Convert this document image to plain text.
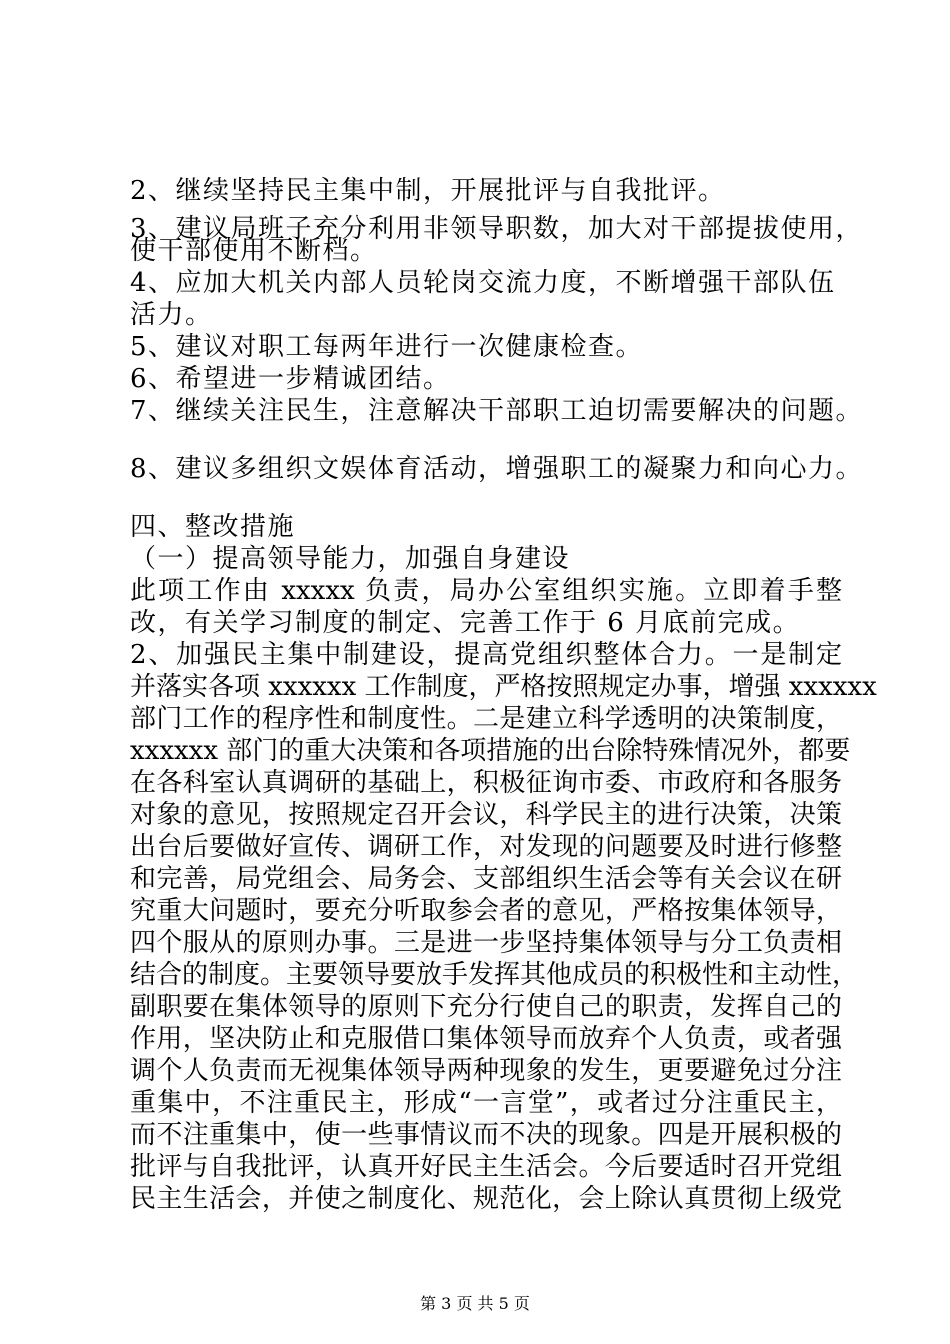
2、继续坚持民主集中制，开展批评与自我批评。
3、建议局班子充分利用非领导职数，加大对干部提拔使用，
使干部使用不断档。
4、应加大机关内部人员轮岗交流力度，不断增强干部队伍
活力。
5、建议对职工每两年进行一次健康检查。
6、希望进一步精诚团结。
7、继续关注民生，注意解决干部职工迫切需要解决的问题。
8、建议多组织文娱体育活动，增强职工的凝聚力和向心力。
四、整改措施
（一）提高领导能力，加强自身建设
此项工作由 xxxxx 负责，局办公室组织实施。立即着手整
改，有关学习制度的制定、完善工作于 6 月底前完成。
2、加强民主集中制建设，提高党组织整体合力。一是制定
并落实各项 xxxxxx 工作制度，严格按照规定办事，增强 xxxxxx
部门工作的程序性和制度性。二是建立科学透明的决策制度，
xxxxxx 部门的重大决策和各项措施的出台除特殊情况外，都要
在各科室认真调研的基础上，积极征询市委、市政府和各服务
对象的意见，按照规定召开会议，科学民主的进行决策，决策
出台后要做好宣传、调研工作，对发现的问题要及时进行修整
和完善，局党组会、局务会、支部组织生活会等有关会议在研
究重大问题时，要充分听取参会者的意见，严格按集体领导，
四个服从的原则办事。三是进一步坚持集体领导与分工负责相
结合的制度。主要领导要放手发挥其他成员的积极性和主动性，
副职要在集体领导的原则下充分行使自己的职责，发挥自己的
作用，坚决防止和克服借口集体领导而放弃个人负责，或者强
调个人负责而无视集体领导两种现象的发生，更要避免过分注
重集中，不注重民主，形成“一言堂”，或者过分注重民主，
而不注重集中，使一些事情议而不决的现象。四是开展积极的
批评与自我批评，认真开好民主生活会。今后要适时召开党组
民主生活会，并使之制度化、规范化，会上除认真贯彻上级党
第 3 页 共 5 页
